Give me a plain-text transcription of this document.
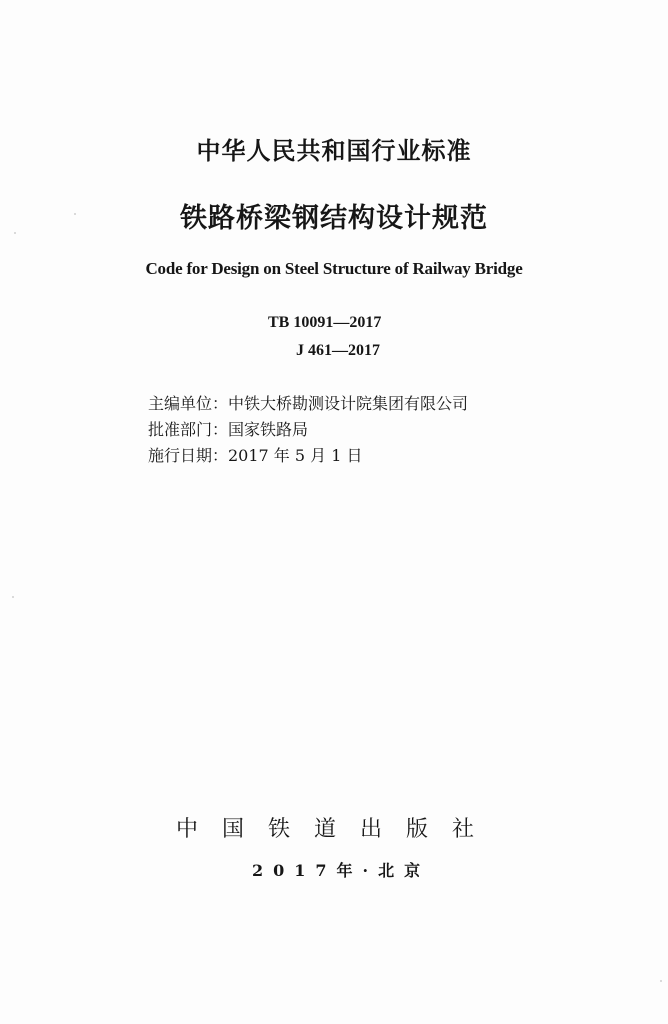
中华人民共和国行业标准
铁路桥梁钢结构设计规范
Code for Design on Steel Structure of Railway Bridge
TB 10091—2017
J 461—2017
主编单位：中铁大桥勘测设计院集团有限公司
批准部门：国家铁路局
施行日期：2017 年 5 月 1 日
中国铁道出版社
2017年·北京
